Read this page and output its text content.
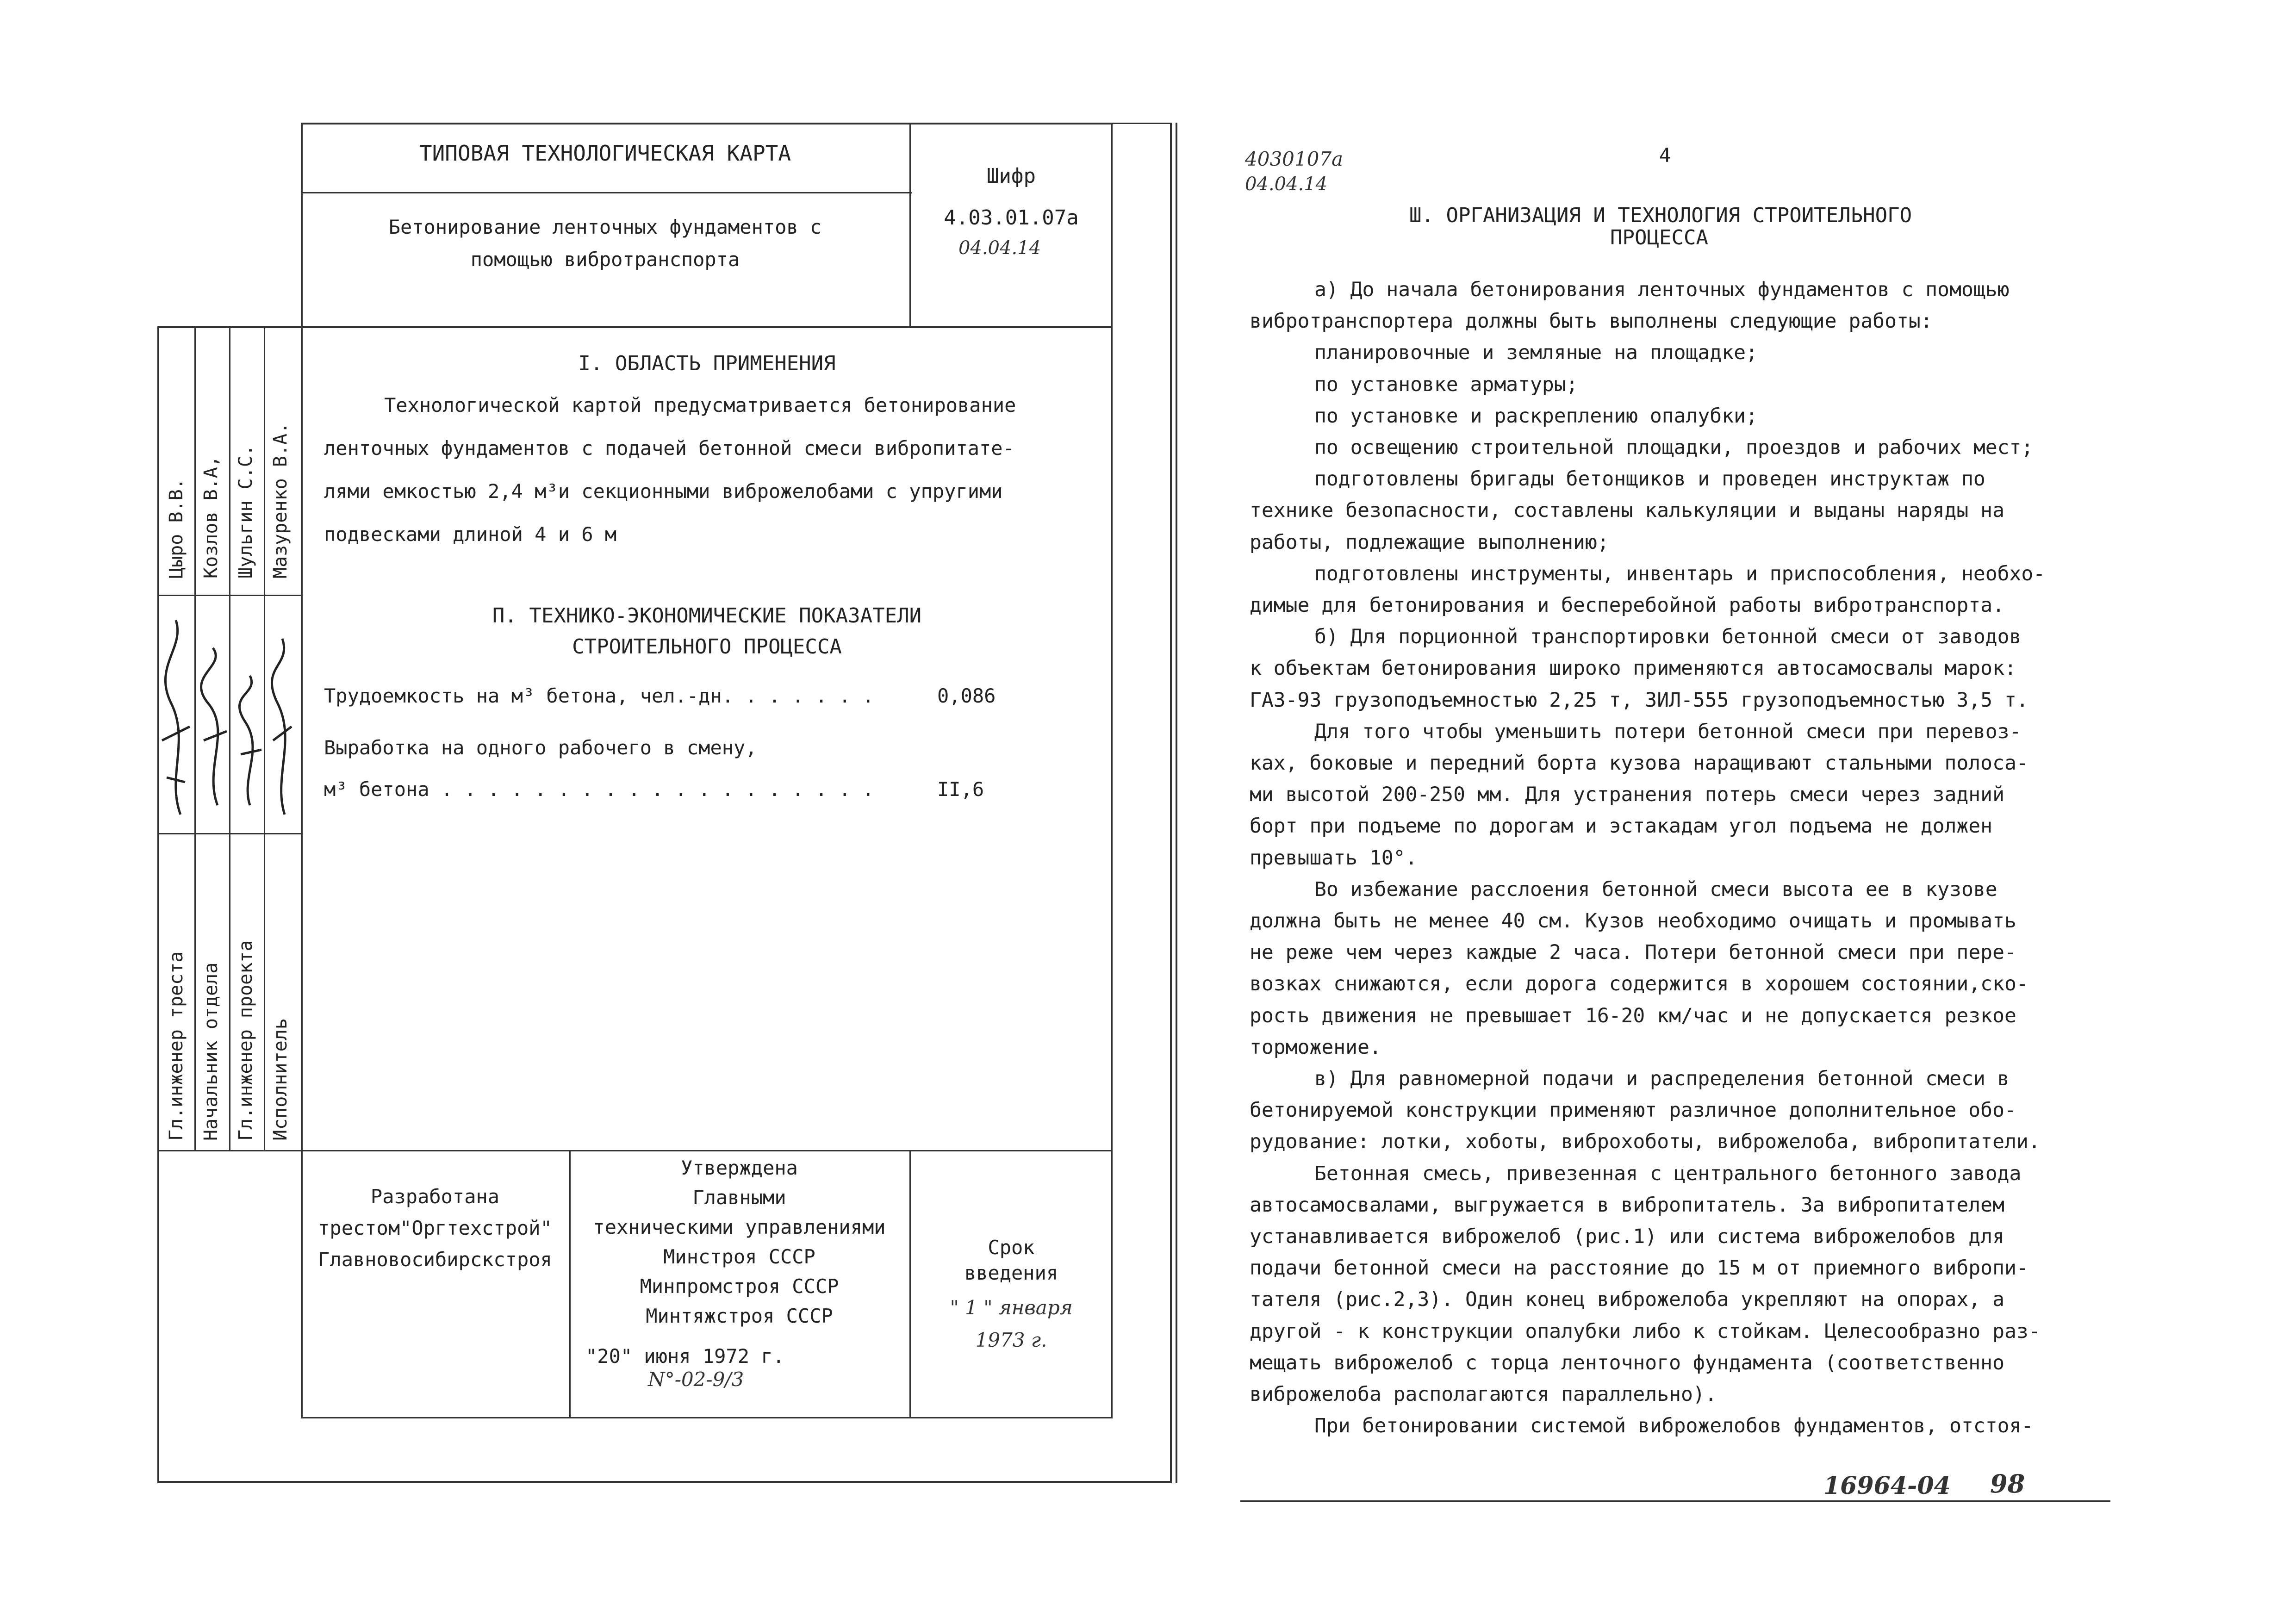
ТИПОВАЯ ТЕХНОЛОГИЧЕСКАЯ КАРТА
Шифр
4.03.01.07а
04.04.14
Бетонирование ленточных фундаментов с
помощью вибротранспорта
Цыро В.В. Козлов В.А, Шульгин С.С. Мазуренко В.А.
Гл.инженер треста Начальник отдела Гл.инженер проекта Исполнитель
I. ОБЛАСТЬ ПРИМЕНЕНИЯ
Технологической картой предусматривается бетонирование
ленточных фундаментов с подачей бетонной смеси вибропитате-
лями емкостью 2,4 м³и секционными виброжелобами с упругими
подвесками длиной 4 и 6 м
П. ТЕХНИКО-ЭКОНОМИЧЕСКИЕ ПОКАЗАТЕЛИ
СТРОИТЕЛЬНОГО ПРОЦЕССА
Трудоемкость на м³ бетона, чел.-дн. . . . . . .	0,086
Выработка на одного рабочего в смену,
м³ бетона . . . . . . . . . . . . . . . . . . .	II,6
Разработана
трестом"Оргтехстрой"
Главновосибирскстроя
Утверждена
Главными
техническими управлениями
Минстроя СССР
Минпромстроя СССР
Минтяжстроя СССР
"20" июня 1972 г.
N°-02-9/3
Срок
введения
" 1 " января
1973 г.
4030107а
04.04.14
4
Ш. ОРГАНИЗАЦИЯ И ТЕХНОЛОГИЯ СТРОИТЕЛЬНОГО
ПРОЦЕССА
а) До начала бетонирования ленточных фундаментов с помощью
вибротранспортера должны быть выполнены следующие работы:
планировочные и земляные на площадке;
по установке арматуры;
по установке и раскреплению опалубки;
по освещению строительной площадки, проездов и рабочих мест;
подготовлены бригады бетонщиков и проведен инструктаж по
технике безопасности, составлены калькуляции и выданы наряды на
работы, подлежащие выполнению;
подготовлены инструменты, инвентарь и приспособления, необхо-
димые для бетонирования и бесперебойной работы вибротранспорта.
б) Для порционной транспортировки бетонной смеси от заводов
к объектам бетонирования широко применяются автосамосвалы марок:
ГАЗ-93 грузоподъемностью 2,25 т, ЗИЛ-555 грузоподъемностью 3,5 т.
Для того чтобы уменьшить потери бетонной смеси при перевоз-
ках, боковые и передний борта кузова наращивают стальными полоса-
ми высотой 200-250 мм. Для устранения потерь смеси через задний
борт при подъеме по дорогам и эстакадам угол подъема не должен
превышать 10°.
Во избежание расслоения бетонной смеси высота ее в кузове
должна быть не менее 40 см. Кузов необходимо очищать и промывать
не реже чем через каждые 2 часа. Потери бетонной смеси при пере-
возках снижаются, если дорога содержится в хорошем состоянии,ско-
рость движения не превышает 16-20 км/час и не допускается резкое
торможение.
в) Для равномерной подачи и распределения бетонной смеси в
бетонируемой конструкции применяют различное дополнительное обо-
рудование: лотки, хоботы, виброхоботы, виброжелоба, вибропитатели.
Бетонная смесь, привезенная с центрального бетонного завода
автосамосвалами, выгружается в вибропитатель. За вибропитателем
устанавливается виброжелоб (рис.1) или система виброжелобов для
подачи бетонной смеси на расстояние до 15 м от приемного вибропи-
тателя (рис.2,3). Один конец виброжелоба укрепляют на опорах, а
другой - к конструкции опалубки либо к стойкам. Целесообразно раз-
мещать виброжелоб с торца ленточного фундамента (соответственно
виброжелоба располагаются параллельно).
При бетонировании системой виброжелобов фундаментов, отстоя-
16964-04 98
